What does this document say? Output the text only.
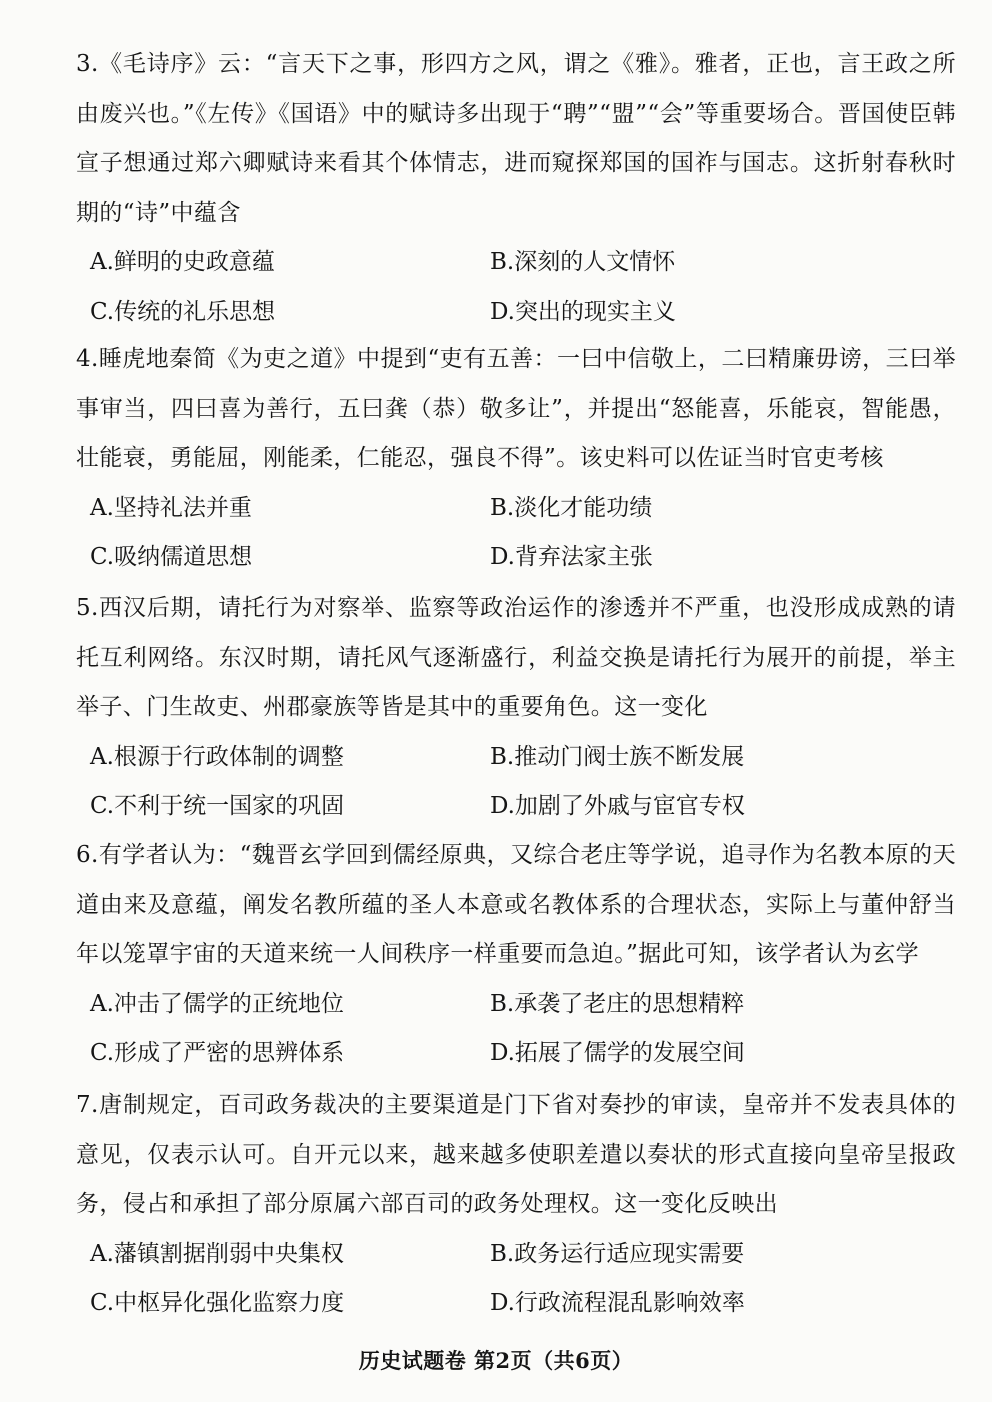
3.《毛诗序》云：“言天下之事，形四方之风，谓之《雅》。雅者，正也，言王政之所由废兴也。”《左传》《国语》中的赋诗多出现于“聘”“盟”“会”等重要场合。晋国使臣韩宣子想通过郑六卿赋诗来看其个体情志，进而窥探郑国的国祚与国志。这折射春秋时期的“诗”中蕴含

A.鲜明的史政意蕴	B.深刻的人文情怀
C.传统的礼乐思想	D.突出的现实主义

4.睡虎地秦简《为吏之道》中提到“吏有五善：一曰中信敬上，二曰精廉毋谤，三曰举事审当，四曰喜为善行，五曰龚（恭）敬多让”，并提出“怒能喜，乐能哀，智能愚，壮能衰，勇能屈，刚能柔，仁能忍，强良不得”。该史料可以佐证当时官吏考核

A.坚持礼法并重	B.淡化才能功绩
C.吸纳儒道思想	D.背弃法家主张

5.西汉后期，请托行为对察举、监察等政治运作的渗透并不严重，也没形成成熟的请托互利网络。东汉时期，请托风气逐渐盛行，利益交换是请托行为展开的前提，举主举子、门生故吏、州郡豪族等皆是其中的重要角色。这一变化

A.根源于行政体制的调整	B.推动门阀士族不断发展
C.不利于统一国家的巩固	D.加剧了外戚与宦官专权

6.有学者认为：“魏晋玄学回到儒经原典，又综合老庄等学说，追寻作为名教本原的天道由来及意蕴，阐发名教所蕴的圣人本意或名教体系的合理状态，实际上与董仲舒当年以笼罩宇宙的天道来统一人间秩序一样重要而急迫。”据此可知，该学者认为玄学

A.冲击了儒学的正统地位	B.承袭了老庄的思想精粹
C.形成了严密的思辨体系	D.拓展了儒学的发展空间

7.唐制规定，百司政务裁决的主要渠道是门下省对奏抄的审读，皇帝并不发表具体的意见，仅表示认可。自开元以来，越来越多使职差遣以奏状的形式直接向皇帝呈报政务，侵占和承担了部分原属六部百司的政务处理权。这一变化反映出

A.藩镇割据削弱中央集权	B.政务运行适应现实需要
C.中枢异化强化监察力度	D.行政流程混乱影响效率
历史试题卷 第2页（共6页）
